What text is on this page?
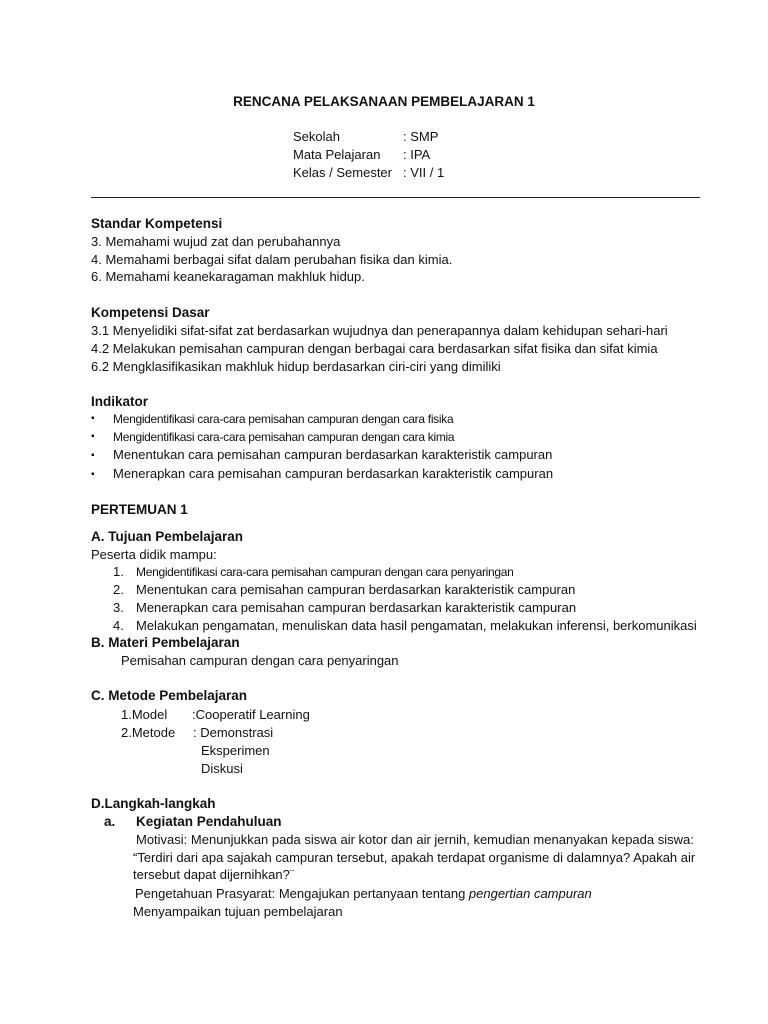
RENCANA PELAKSANAAN PEMBELAJARAN 1
Sekolah	: SMP
Mata Pelajaran : IPA
Kelas / Semester : VII / 1
Standar Kompetensi
3. Memahami wujud zat dan perubahannya
4. Memahami berbagai sifat dalam perubahan fisika dan kimia.
6. Memahami keanekaragaman makhluk hidup.
Kompetensi Dasar
3.1 Menyelidiki sifat-sifat zat berdasarkan wujudnya dan penerapannya dalam kehidupan sehari-hari
4.2 Melakukan pemisahan campuran dengan berbagai cara berdasarkan sifat fisika dan sifat kimia
6.2 Mengklasifikasikan makhluk hidup berdasarkan ciri-ciri yang dimiliki
Indikator
▪ Mengidentifikasi cara-cara pemisahan campuran dengan cara fisika
▪ Mengidentifikasi cara-cara pemisahan campuran dengan cara kimia
▪ Menentukan cara pemisahan campuran berdasarkan karakteristik campuran
▪ Menerapkan cara pemisahan campuran berdasarkan karakteristik campuran
PERTEMUAN 1
A. Tujuan Pembelajaran
Peserta didik mampu:
1. Mengidentifikasi cara-cara pemisahan campuran dengan cara penyaringan
2. Menentukan cara pemisahan campuran berdasarkan karakteristik campuran
3. Menerapkan cara pemisahan campuran berdasarkan karakteristik campuran
4. Melakukan pengamatan, menuliskan data hasil pengamatan, melakukan inferensi, berkomunikasi
B. Materi Pembelajaran
Pemisahan campuran dengan cara penyaringan
C. Metode Pembelajaran
1.Model :Cooperatif Learning
2.Metode : Demonstrasi
Eksperimen
Diskusi
D.Langkah-langkah
a. Kegiatan Pendahuluan
Motivasi: Menunjukkan pada siswa air kotor dan air jernih, kemudian menanyakan kepada siswa:
“Terdiri dari apa sajakah campuran tersebut, apakah terdapat organisme di dalamnya? Apakah air
tersebut dapat dijernihkan?¨
Pengetahuan Prasyarat: Mengajukan pertanyaan tentang pengertian campuran
Menyampaikan tujuan pembelajaran
